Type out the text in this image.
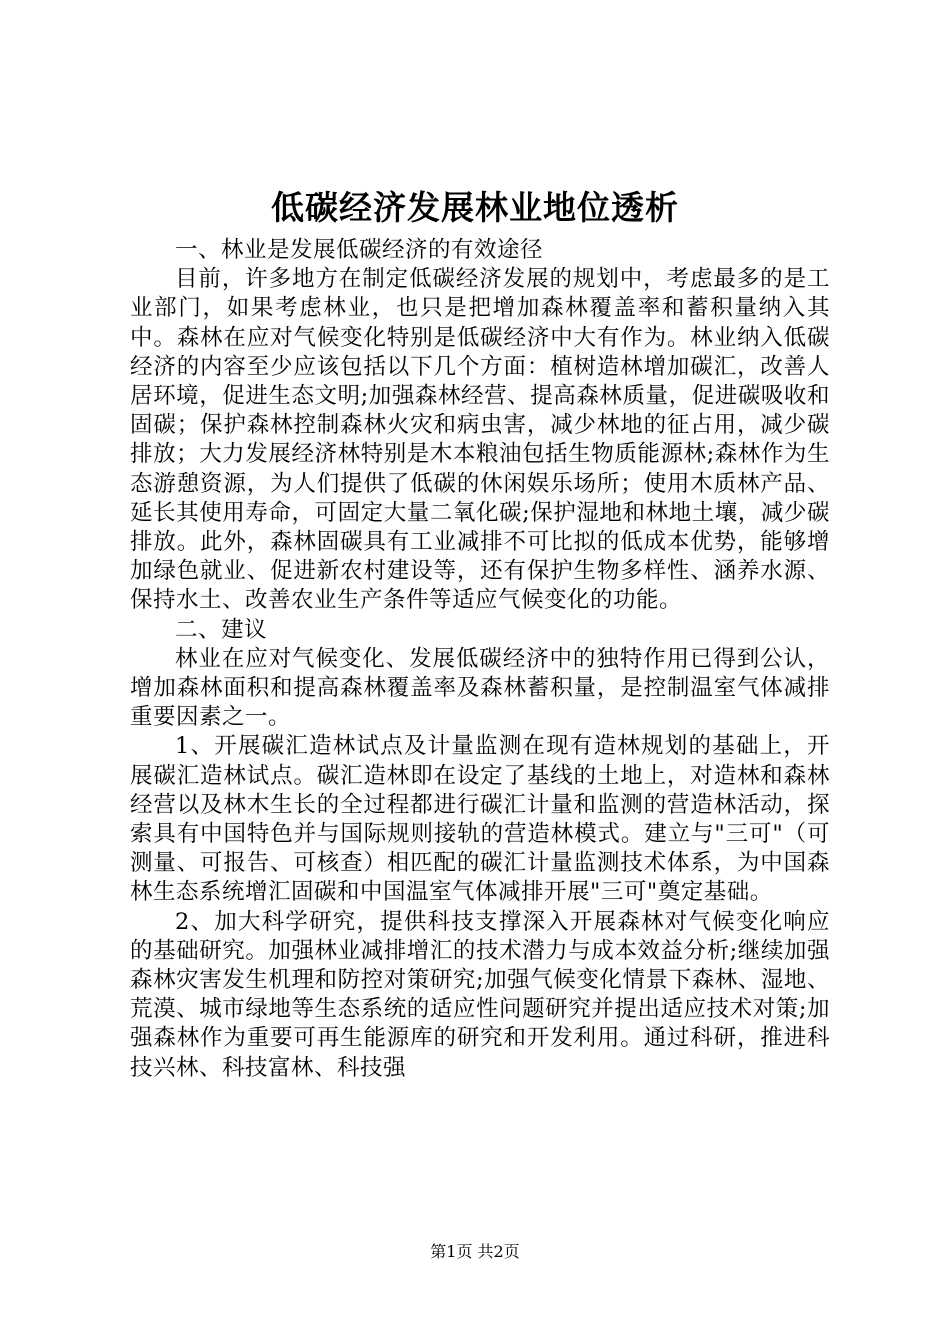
低碳经济发展林业地位透析

一、林业是发展低碳经济的有效途径

目前，许多地方在制定低碳经济发展的规划中，考虑最多的是工业部门，如果考虑林业，也只是把增加森林覆盖率和蓄积量纳入其中。森林在应对气候变化特别是低碳经济中大有作为。林业纳入低碳经济的内容至少应该包括以下几个方面：植树造林增加碳汇，改善人居环境，促进生态文明;加强森林经营、提高森林质量，促进碳吸收和固碳；保护森林控制森林火灾和病虫害，减少林地的征占用，减少碳排放；大力发展经济林特别是木本粮油包括生物质能源林;森林作为生态游憩资源，为人们提供了低碳的休闲娱乐场所；使用木质林产品、延长其使用寿命，可固定大量二氧化碳;保护湿地和林地土壤，减少碳排放。此外，森林固碳具有工业减排不可比拟的低成本优势，能够增加绿色就业、促进新农村建设等，还有保护生物多样性、涵养水源、保持水土、改善农业生产条件等适应气候变化的功能。

二、建议

林业在应对气候变化、发展低碳经济中的独特作用已得到公认，增加森林面积和提高森林覆盖率及森林蓄积量，是控制温室气体减排重要因素之一。

1、开展碳汇造林试点及计量监测在现有造林规划的基础上，开展碳汇造林试点。碳汇造林即在设定了基线的土地上，对造林和森林经营以及林木生长的全过程都进行碳汇计量和监测的营造林活动，探索具有中国特色并与国际规则接轨的营造林模式。建立与"三可"（可测量、可报告、可核查）相匹配的碳汇计量监测技术体系，为中国森林生态系统增汇固碳和中国温室气体减排开展"三可"奠定基础。

2、加大科学研究，提供科技支撑深入开展森林对气候变化响应的基础研究。加强林业减排增汇的技术潜力与成本效益分析;继续加强森林灾害发生机理和防控对策研究;加强气候变化情景下森林、湿地、荒漠、城市绿地等生态系统的适应性问题研究并提出适应技术对策;加强森林作为重要可再生能源库的研究和开发利用。通过科研，推进科技兴林、科技富林、科技强

第1页 共2页
